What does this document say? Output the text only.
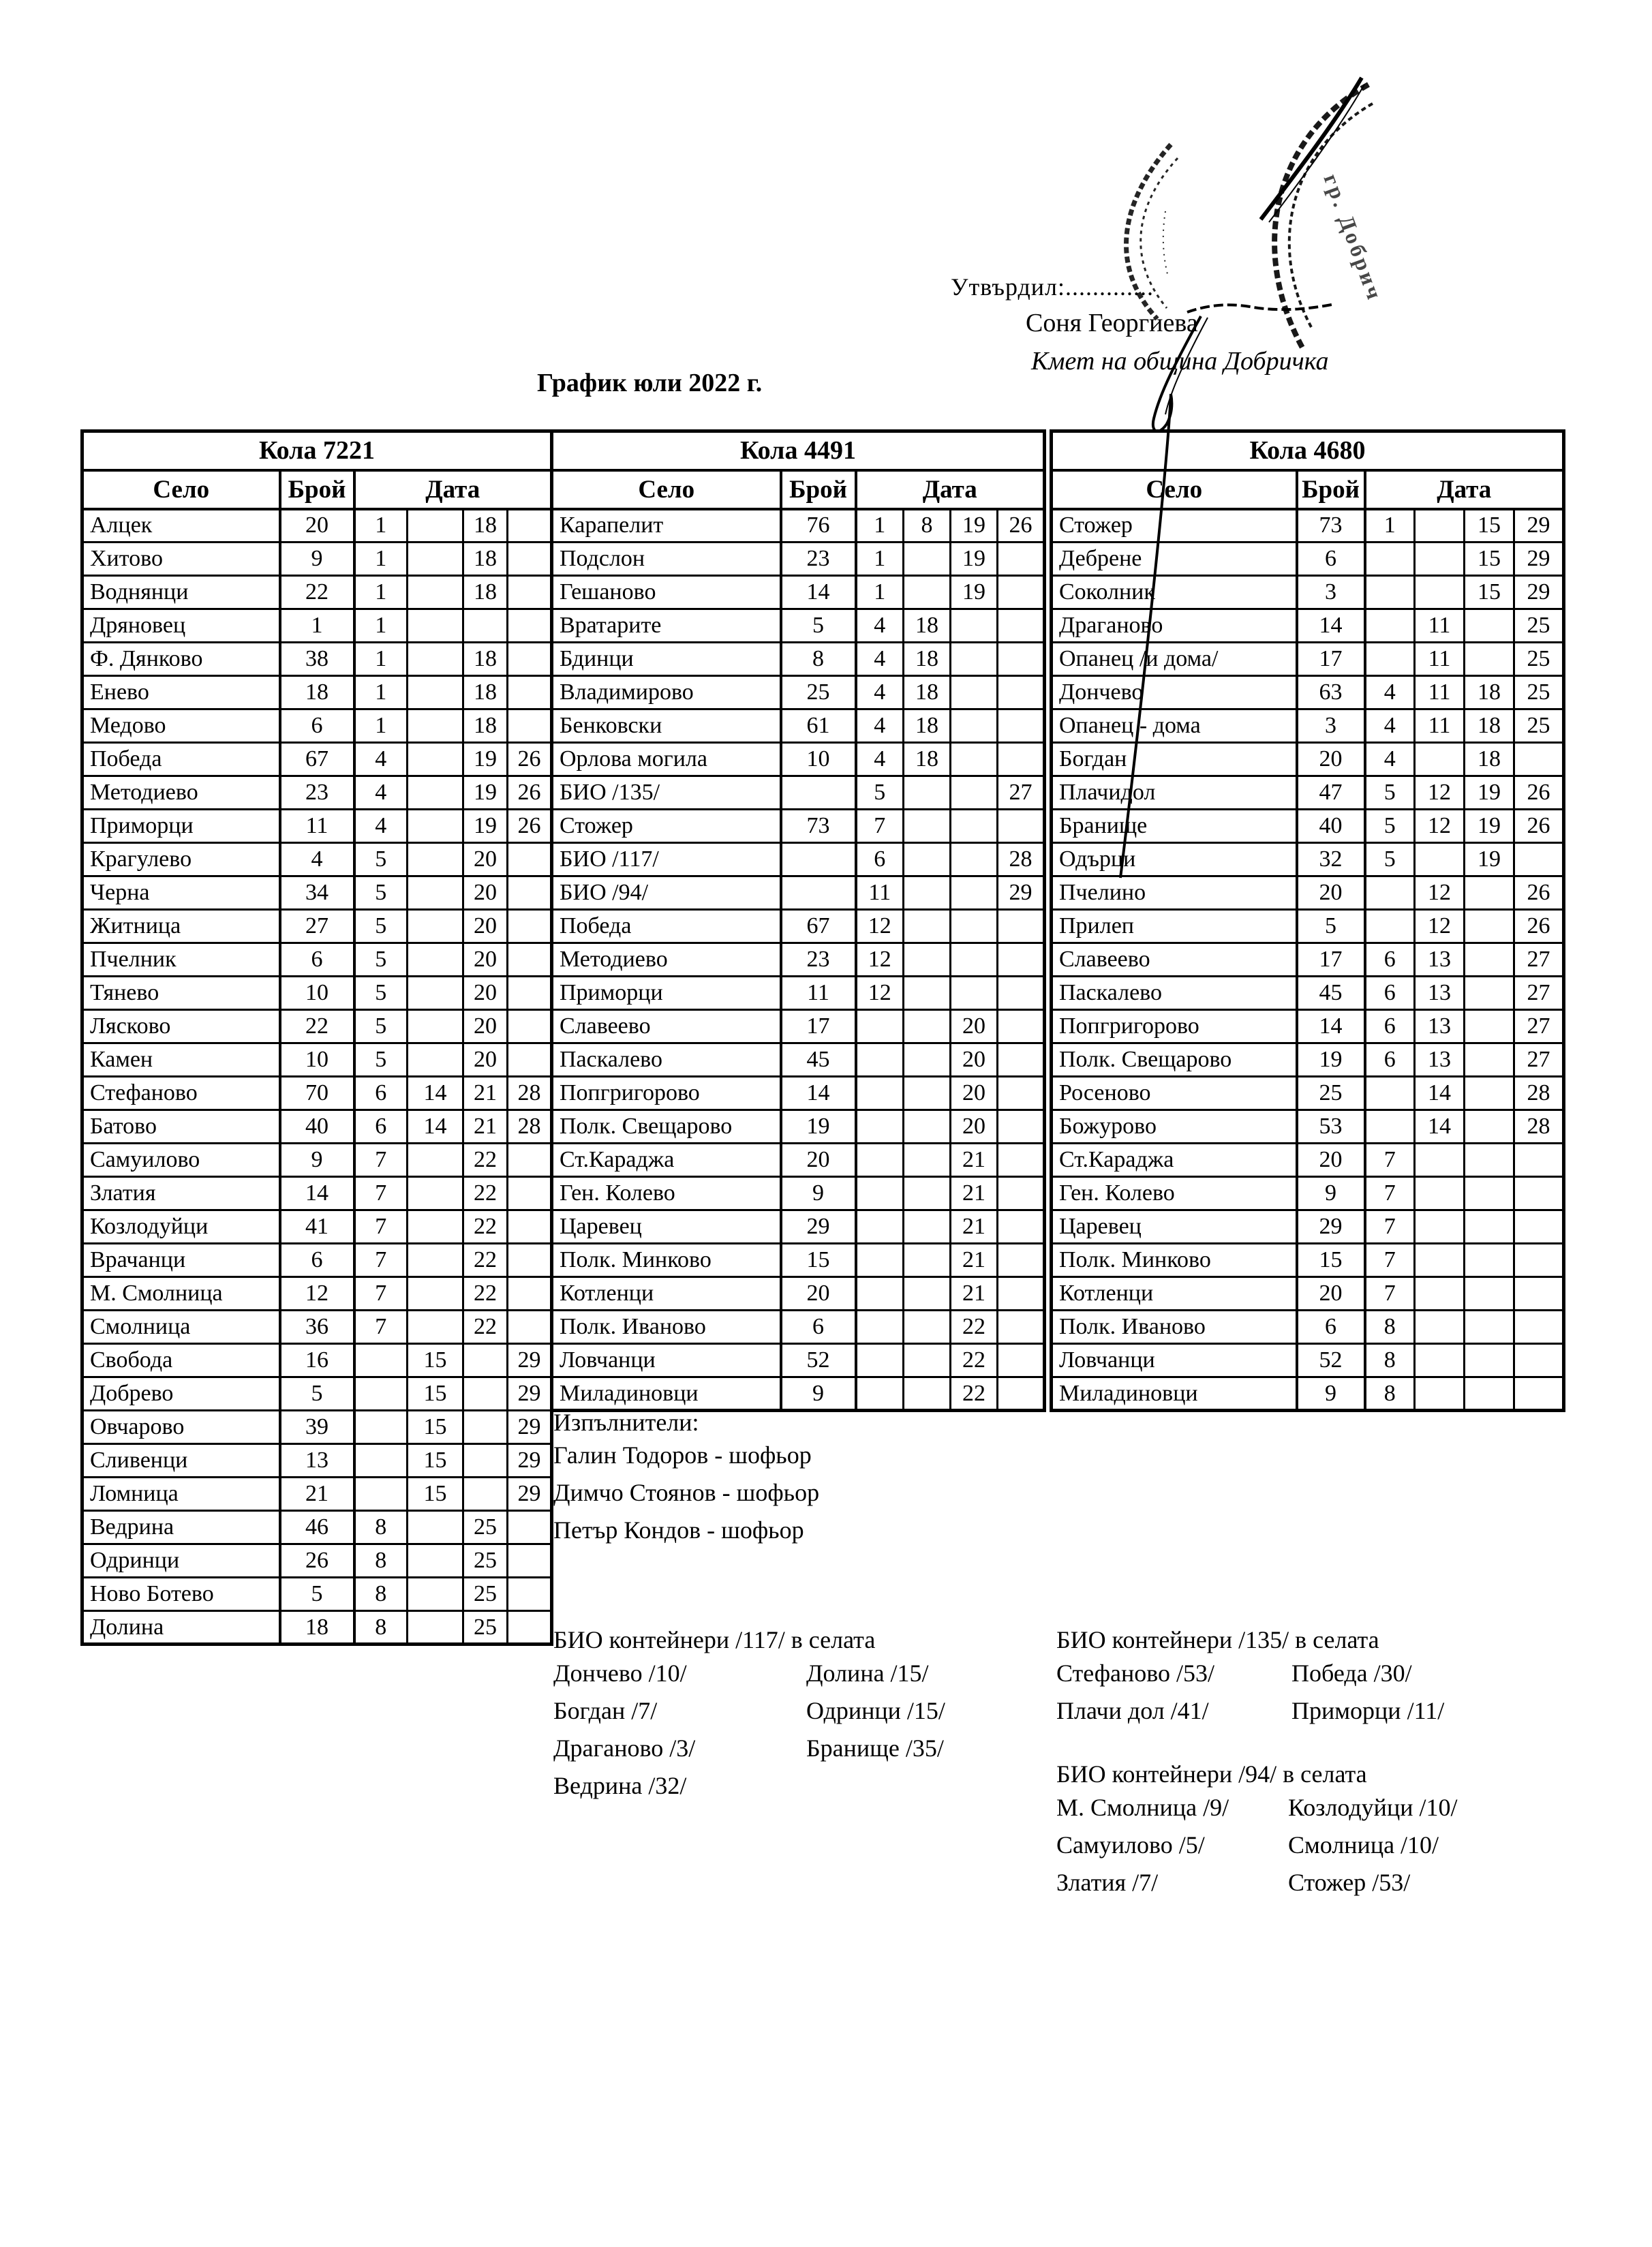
Утвърдил:.............
Соня Георгиева
Кмет на община Добричка
График юли 2022 г.
Кола 7221					
Село	Брой	Дата			
Алцек	20	1		18	
Хитово	9	1		18	
Воднянци	22	1		18	
Дряновец	1	1			
Ф. Дянково	38	1		18	
Енево	18	1		18	
Медово	6	1		18	
Победа	67	4		19	26
Методиево	23	4		19	26
Приморци	11	4		19	26
Крагулево	4	5		20	
Черна	34	5		20	
Житница	27	5		20	
Пчелник	6	5		20	
Тянево	10	5		20	
Лясково	22	5		20	
Камен	10	5		20	
Стефаново	70	6	14	21	28
Батово	40	6	14	21	28
Самуилово	9	7		22	
Златия	14	7		22	
Козлодуйци	41	7		22	
Врачанци	6	7		22	
М. Смолница	12	7		22	
Смолница	36	7		22	
Свобода	16		15		29
Добрево	5		15		29
Овчарово	39		15		29
Сливенци	13		15		29
Ломница	21		15		29
Ведрина	46	8		25	
Одринци	26	8		25	
Ново Ботево	5	8		25	
Долина	18	8		25	
Кола 4491					
Село	Брой	Дата			
Карапелит	76	1	8	19	26
Подслон	23	1		19	
Гешаново	14	1		19	
Вратарите	5	4	18		
Бдинци	8	4	18		
Владимирово	25	4	18		
Бенковски	61	4	18		
Орлова могила	10	4	18		
БИО /135/		5			27
Стожер	73	7			
БИО /117/		6			28
БИО /94/		11			29
Победа	67	12			
Методиево	23	12			
Приморци	11	12			
Славеево	17			20	
Паскалево	45			20	
Попгригорово	14			20	
Полк. Свещарово	19			20	
Ст.Караджа	20			21	
Ген. Колево	9			21	
Царевец	29			21	
Полк. Минково	15			21	
Котленци	20			21	
Полк. Иваново	6			22	
Ловчанци	52			22	
Миладиновци	9			22	
Кола 4680					
Село	Брой	Дата			
Стожер	73	1		15	29
Дебрене	6			15	29
Соколник	3			15	29
Драганово	14		11		25
Опанец /и дома/	17		11		25
Дончево	63	4	11	18	25
Опанец - дома	3	4	11	18	25
Богдан	20	4		18	
Плачидол	47	5	12	19	26
Бранище	40	5	12	19	26
Одърци	32	5		19	
Пчелино	20		12		26
Прилеп	5		12		26
Славеево	17	6	13		27
Паскалево	45	6	13		27
Попгригорово	14	6	13		27
Полк. Свещарово	19	6	13		27
Росеново	25		14		28
Божурово	53		14		28
Ст.Караджа	20	7			
Ген. Колево	9	7			
Царевец	29	7			
Полк. Минково	15	7			
Котленци	20	7			
Полк. Иваново	6	8			
Ловчанци	52	8			
Миладиновци	9	8			
Изпълнители:
Галин Тодоров - шофьор
Димчо Стоянов - шофьор
Петър Кондов - шофьор
БИО контейнери /117/ в селата
Дончево /10/
Богдан /7/
Драганово /3/
Ведрина /32/
Долина /15/
Одринци /15/
Бранище /35/
БИО контейнери /135/ в селата
Стефаново /53/
Плачи дол /41/
Победа /30/
Приморци /11/
БИО контейнери /94/ в селата
М. Смолница /9/
Самуилово /5/
Златия /7/
Козлодуйци /10/
Смолница /10/
Стожер /53/
гр. Добрич
